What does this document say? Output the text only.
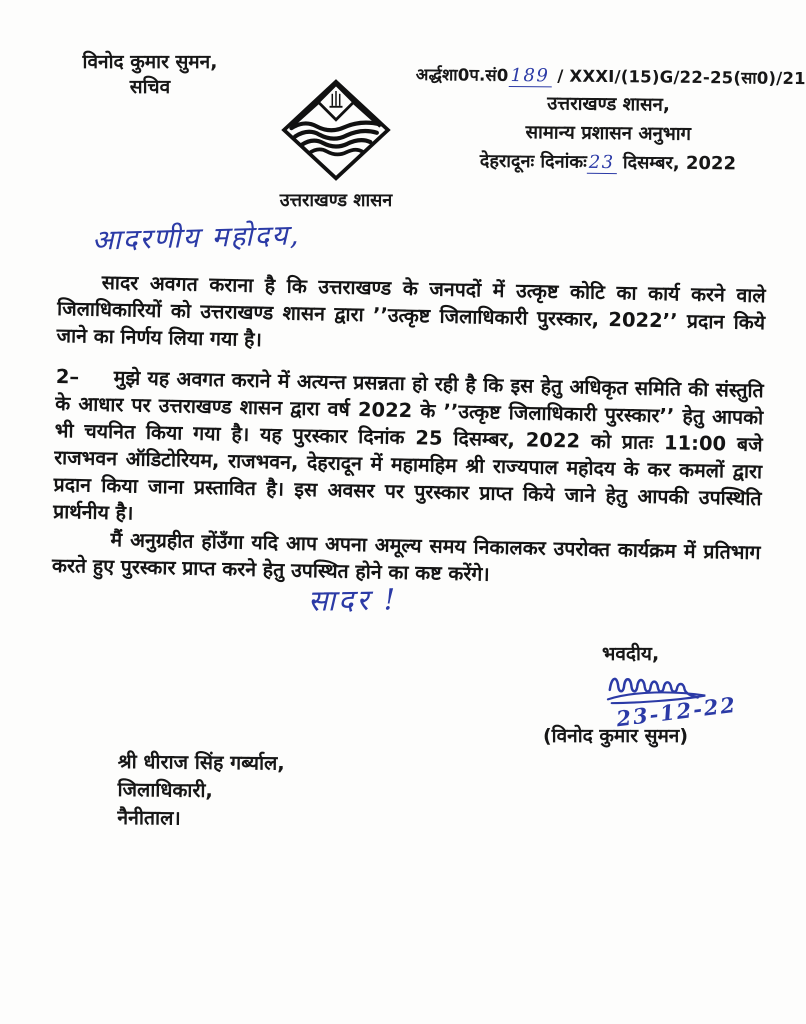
विनोद कुमार सुमन,
सचिव
उत्तराखण्ड शासन
अर्द्धशा0प.सं0189 / XXXI/(15)G/22-25(सा0)/21
उत्तराखण्ड शासन,
सामान्य प्रशासन अनुभाग
देहरादूनः दिनांकः23 दिसम्बर, 2022
आदरणीय महोदय,

सादर अवगत कराना है कि उत्तराखण्ड के जनपदों में उत्कृष्ट कोटि का कार्य करने वाले जिलाधिकारियों को उत्तराखण्ड शासन द्वारा ’’उत्कृष्ट जिलाधिकारी पुरस्कार, 2022’’ प्रदान किये जाने का निर्णय लिया गया है।

2– मुझे यह अवगत कराने में अत्यन्त प्रसन्नता हो रही है कि इस हेतु अधिकृत समिति की संस्तुति के आधार पर उत्तराखण्ड शासन द्वारा वर्ष 2022 के ’’उत्कृष्ट जिलाधिकारी पुरस्कार’’ हेतु आपको भी चयनित किया गया है। यह पुरस्कार दिनांक 25 दिसम्बर, 2022 को प्रातः 11:00 बजे राजभवन ऑडिटोरियम, राजभवन, देहरादून में महामहिम श्री राज्यपाल महोदय के कर कमलों द्वारा प्रदान किया जाना प्रस्तावित है। इस अवसर पर पुरस्कार प्राप्त किये जाने हेतु आपकी उपस्थिति प्रार्थनीय है।

मैं अनुग्रहीत होंउँगा यदि आप अपना अमूल्य समय निकालकर उपरोक्त कार्यक्रम में प्रतिभाग करते हुए पुरस्कार प्राप्त करने हेतु उपस्थित होने का कष्ट करेंगे।

सादर !
भवदीय,
23-12-22
(विनोद कुमार सुमन)
श्री धीराज सिंह गर्ब्याल,
जिलाधिकारी,
नैनीताल।
